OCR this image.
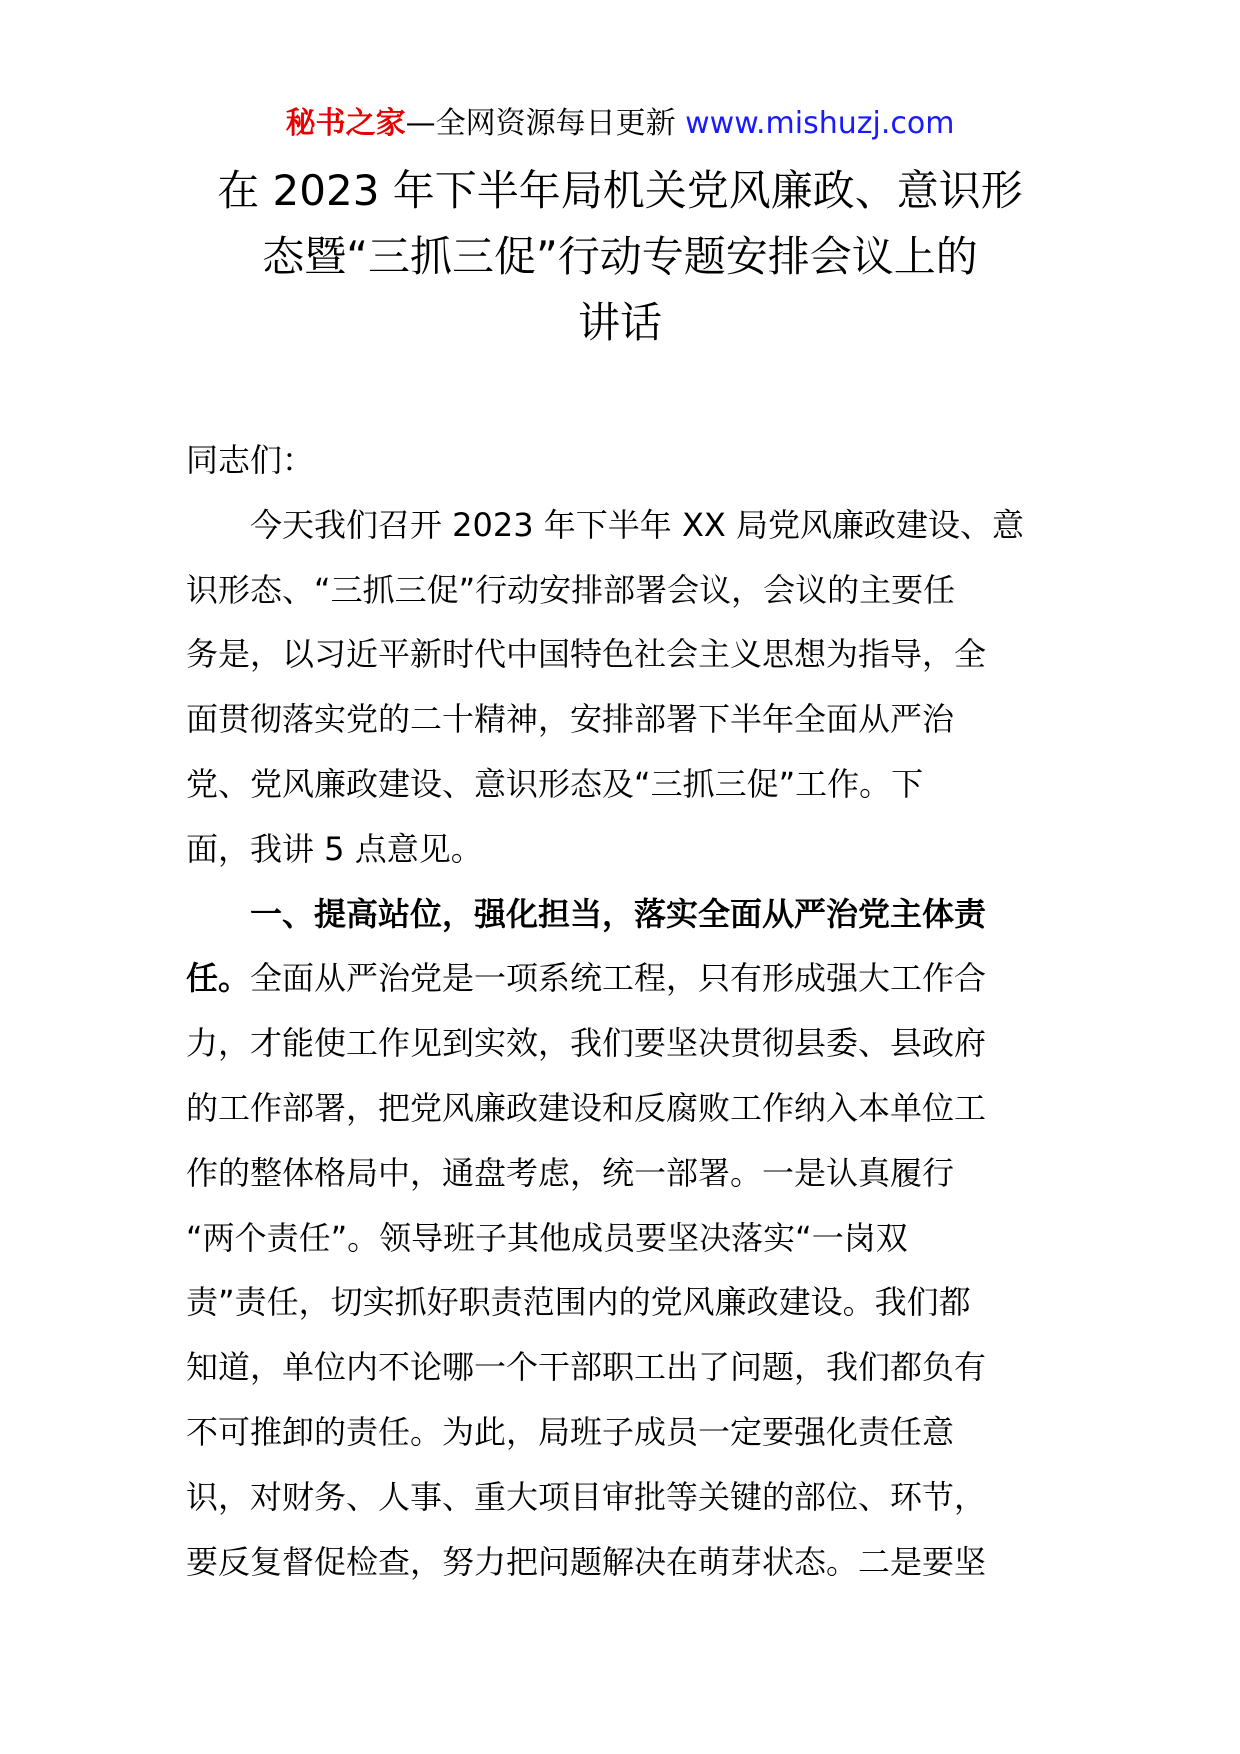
秘书之家—全网资源每日更新 www.mishuzj.com
在 2023 年下半年局机关党风廉政、意识形
态暨“三抓三促”行动专题安排会议上的
讲话
同志们：
今天我们召开 2023 年下半年 XX 局党风廉政建设、意
识形态、“三抓三促”行动安排部署会议，会议的主要任
务是，以习近平新时代中国特色社会主义思想为指导，全
面贯彻落实党的二十精神，安排部署下半年全面从严治
党、党风廉政建设、意识形态及“三抓三促”工作。下
面，我讲 5 点意见。
一、提高站位，强化担当，落实全面从严治党主体责
任。全面从严治党是一项系统工程，只有形成强大工作合
力，才能使工作见到实效，我们要坚决贯彻县委、县政府
的工作部署，把党风廉政建设和反腐败工作纳入本单位工
作的整体格局中，通盘考虑，统一部署。一是认真履行
“两个责任”。领导班子其他成员要坚决落实“一岗双
责”责任，切实抓好职责范围内的党风廉政建设。我们都
知道，单位内不论哪一个干部职工出了问题，我们都负有
不可推卸的责任。为此，局班子成员一定要强化责任意
识，对财务、人事、重大项目审批等关键的部位、环节，
要反复督促检查，努力把问题解决在萌芽状态。二是要坚
